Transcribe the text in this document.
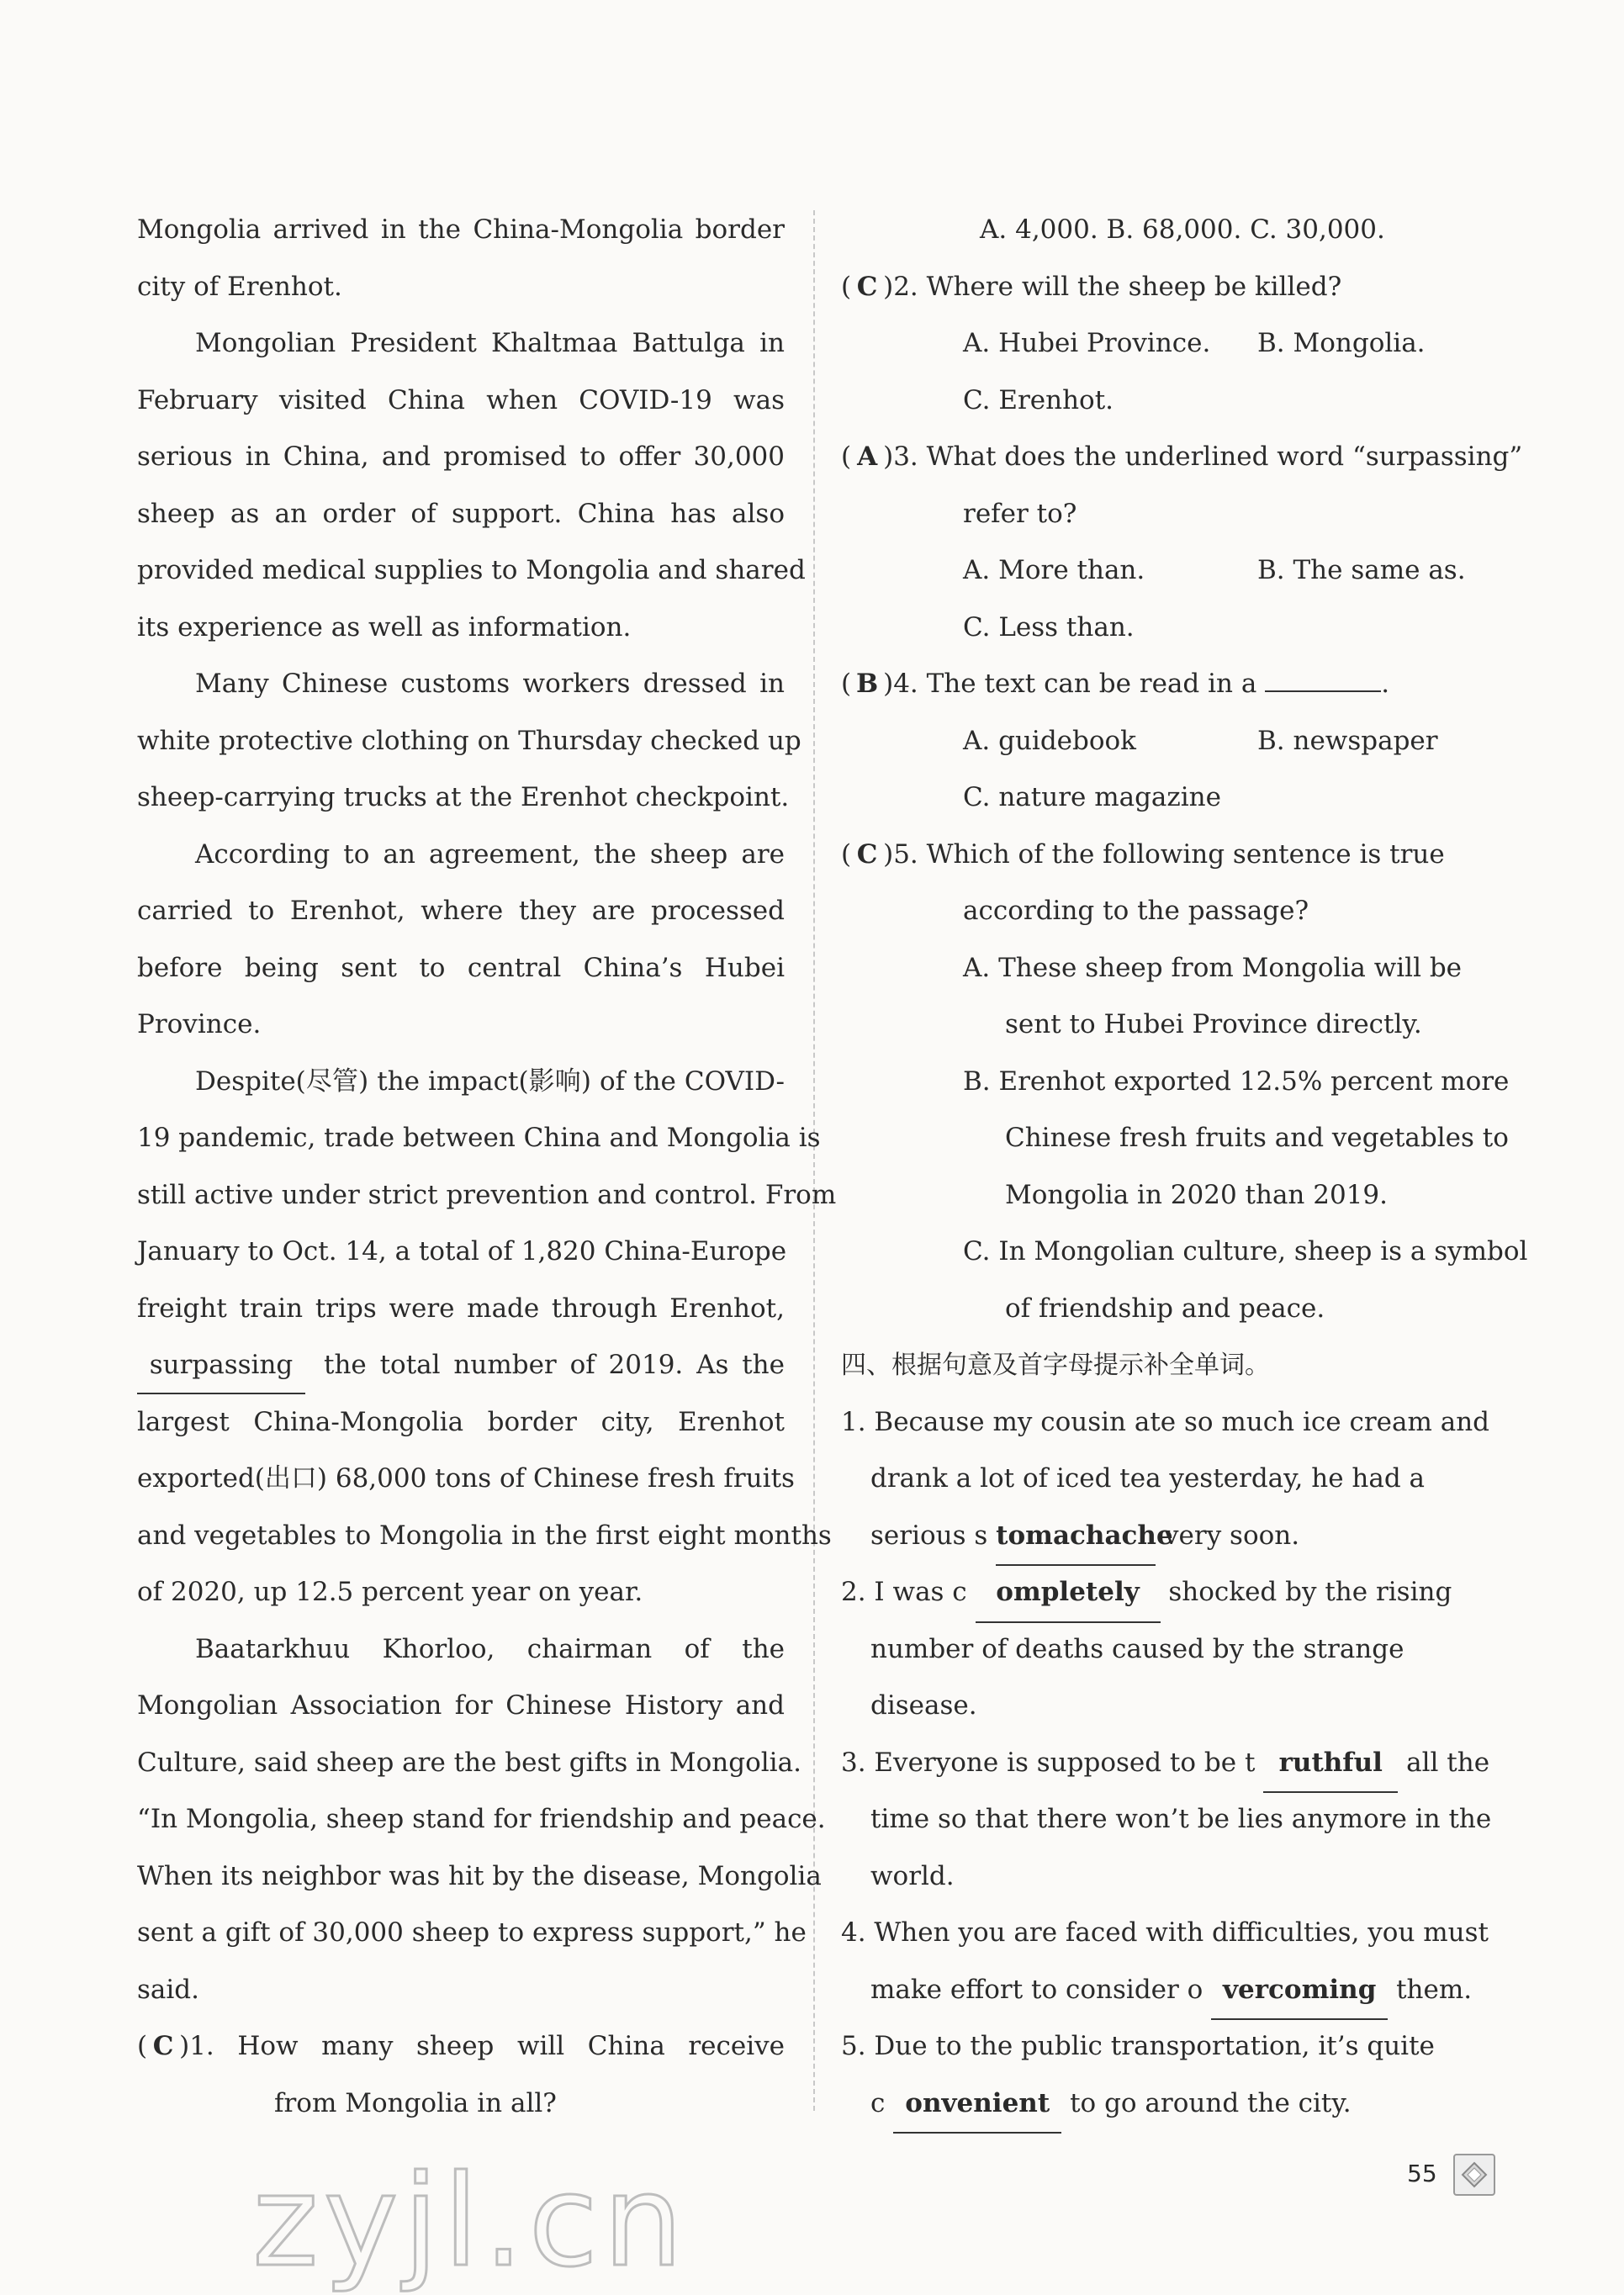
Mongolia arrived in the China-Mongolia border
city of Erenhot.
Mongolian President Khaltmaa Battulga in
February visited China when COVID-19 was
serious in China, and promised to offer 30,000
sheep as an order of support. China has also
provided medical supplies to Mongolia and shared
its experience as well as information.
Many Chinese customs workers dressed in
white protective clothing on Thursday checked up
sheep-carrying trucks at the Erenhot checkpoint.
According to an agreement, the sheep are
carried to Erenhot, where they are processed
before being sent to central China’s Hubei
Province.
Despite(尽管) the impact(影响) of the COVID-
19 pandemic, trade between China and Mongolia is
still active under strict prevention and control. From
January to Oct. 14, a total of 1,820 China-Europe
freight train trips were made through Erenhot,
surpassing	the total number of 2019. As the
largest China-Mongolia border city, Erenhot
exported(出口) 68,000 tons of Chinese fresh fruits
and vegetables to Mongolia in the first eight months
of 2020, up 12.5 percent year on year.
Baatarkhuu Khorloo, chairman of the
Mongolian Association for Chinese History and
Culture, said sheep are the best gifts in Mongolia.
“In Mongolia, sheep stand for friendship and peace.
When its neighbor was hit by the disease, Mongolia
sent a gift of 30,000 sheep to express support,” he
said.
( C )1. How many sheep will China receive
from Mongolia in all?
A. 4,000. B. 68,000. C. 30,000.
( C )2. Where will the sheep be killed?
A. Hubei Province. B. Mongolia.
C. Erenhot.
( A )3. What does the underlined word “surpassing”
refer to?
A. More than.	B. The same as.
C. Less than.
( B )4. The text can be read in a	.
A. guidebook	B. newspaper
C. nature magazine
( C )5. Which of the following sentence is true
according to the passage?
A. These sheep from Mongolia will be
sent to Hubei Province directly.
B. Erenhot exported 12.5% percent more
Chinese fresh fruits and vegetables to
Mongolia in 2020 than 2019.
C. In Mongolian culture, sheep is a symbol
of friendship and peace.
四、根据句意及首字母提示补全单词。
1. Because my cousin ate so much ice cream and
drank a lot of iced tea yesterday, he had a
serious s tomachache very soon.
2. I was c ompletely shocked by the rising
number of deaths caused by the strange
disease.
3. Everyone is supposed to be t ruthful all the
time so that there won’t be lies anymore in the
world.
4. When you are faced with difficulties, you must
make effort to consider o vercoming them.
5. Due to the public transportation, it’s quite
c onvenient to go around the city.
zyjl.cn	55
